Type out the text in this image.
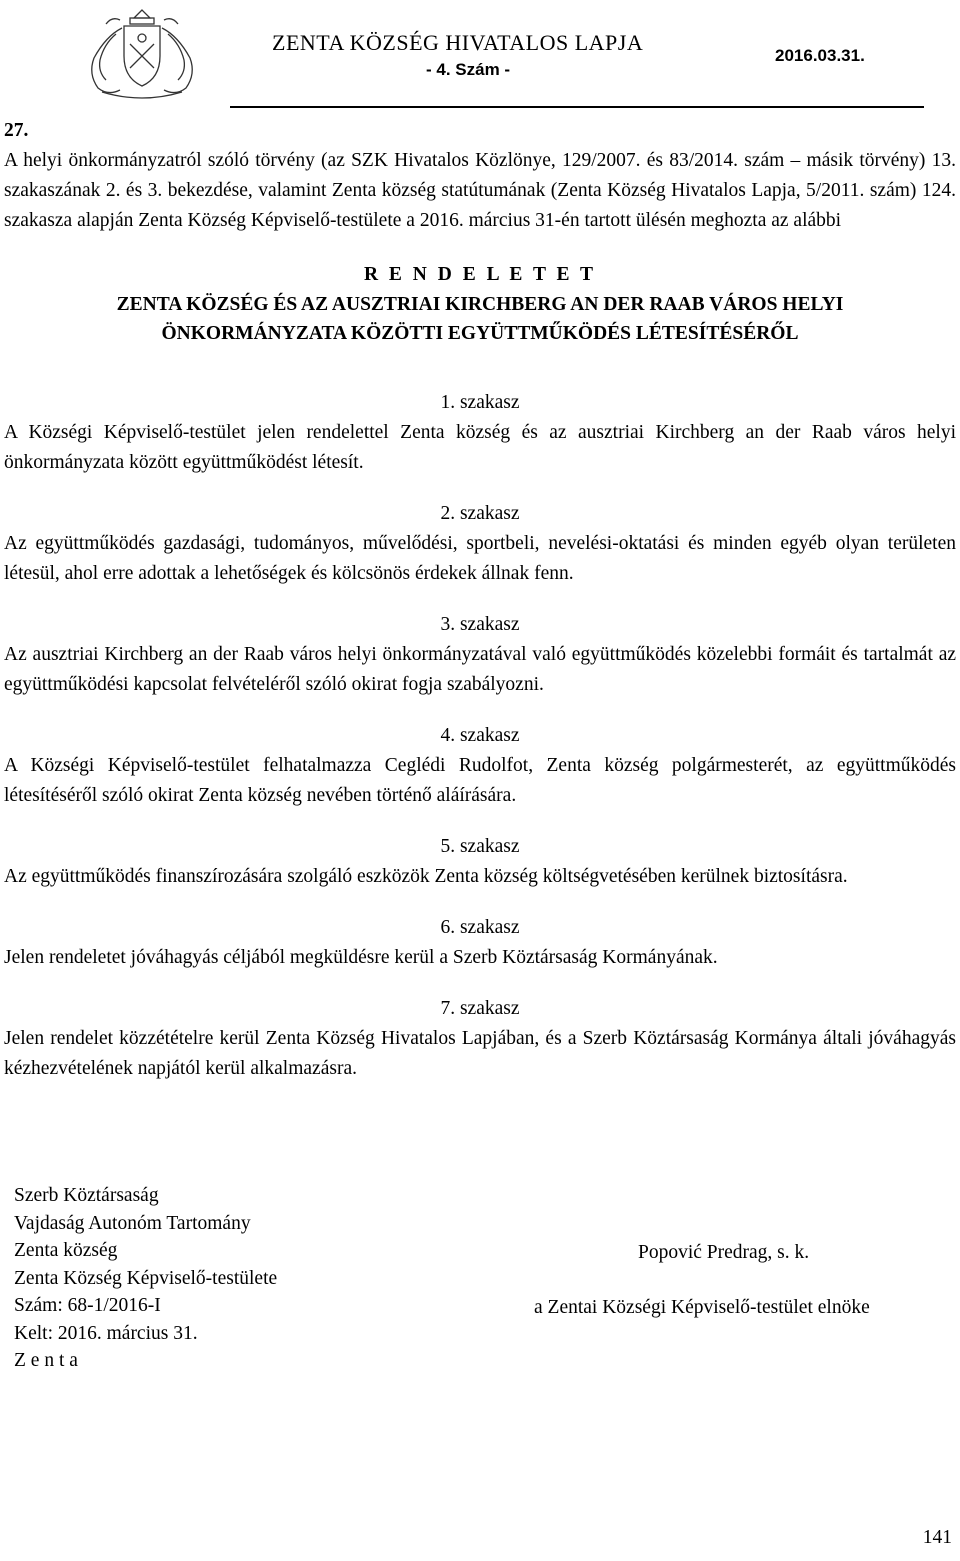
ZENTA KÖZSÉG HIVATALOS LAPJA
- 4. Szám -
2016.03.31.
27.

A helyi önkormányzatról szóló törvény (az SZK Hivatalos Közlönye, 129/2007. és 83/2014. szám – másik törvény) 13. szakaszának 2. és 3. bekezdése, valamint Zenta község statútumának (Zenta Község Hivatalos Lapja, 5/2011. szám) 124. szakasza alapján Zenta Község Képviselő-testülete a 2016. március 31-én tartott ülésén meghozta az alábbi

R E N D E L E T E T

ZENTA KÖZSÉG ÉS AZ AUSZTRIAI KIRCHBERG AN DER RAAB VÁROS HELYI

ÖNKORMÁNYZATA KÖZÖTTI EGYÜTTMŰKÖDÉS LÉTESÍTÉSÉRŐL

1. szakasz

A Községi Képviselő-testület jelen rendelettel Zenta község és az ausztriai Kirchberg an der Raab város helyi önkormányzata között együttműködést létesít.

2. szakasz

Az együttműködés gazdasági, tudományos, művelődési, sportbeli, nevelési-oktatási és minden egyéb olyan területen létesül, ahol erre adottak a lehetőségek és kölcsönös érdekek állnak fenn.

3. szakasz

Az ausztriai Kirchberg an der Raab város helyi önkormányzatával való együttműködés közelebbi formáit és tartalmát az együttműködési kapcsolat felvételéről szóló okirat fogja szabályozni.

4. szakasz

A Községi Képviselő-testület felhatalmazza Ceglédi Rudolfot, Zenta község polgármesterét, az együttműködés létesítéséről szóló okirat Zenta község nevében történő aláírására.

5. szakasz

Az együttműködés finanszírozására szolgáló eszközök Zenta község költségvetésében kerülnek biztosításra.

6. szakasz

Jelen rendeletet jóváhagyás céljából megküldésre kerül a Szerb Köztársaság Kormányának.

7. szakasz

Jelen rendelet közzétételre kerül Zenta Község Hivatalos Lapjában, és a Szerb Köztársaság Kormánya általi jóváhagyás kézhezvételének napjától kerül alkalmazásra.

Szerb Köztársaság
Vajdaság Autonóm Tartomány
Zenta község
Zenta Község Képviselő-testülete
Szám: 68-1/2016-I
Kelt: 2016. március 31.
Z e n t a
Popović Predrag, s. k.
a Zentai Községi Képviselő-testület elnöke
141
